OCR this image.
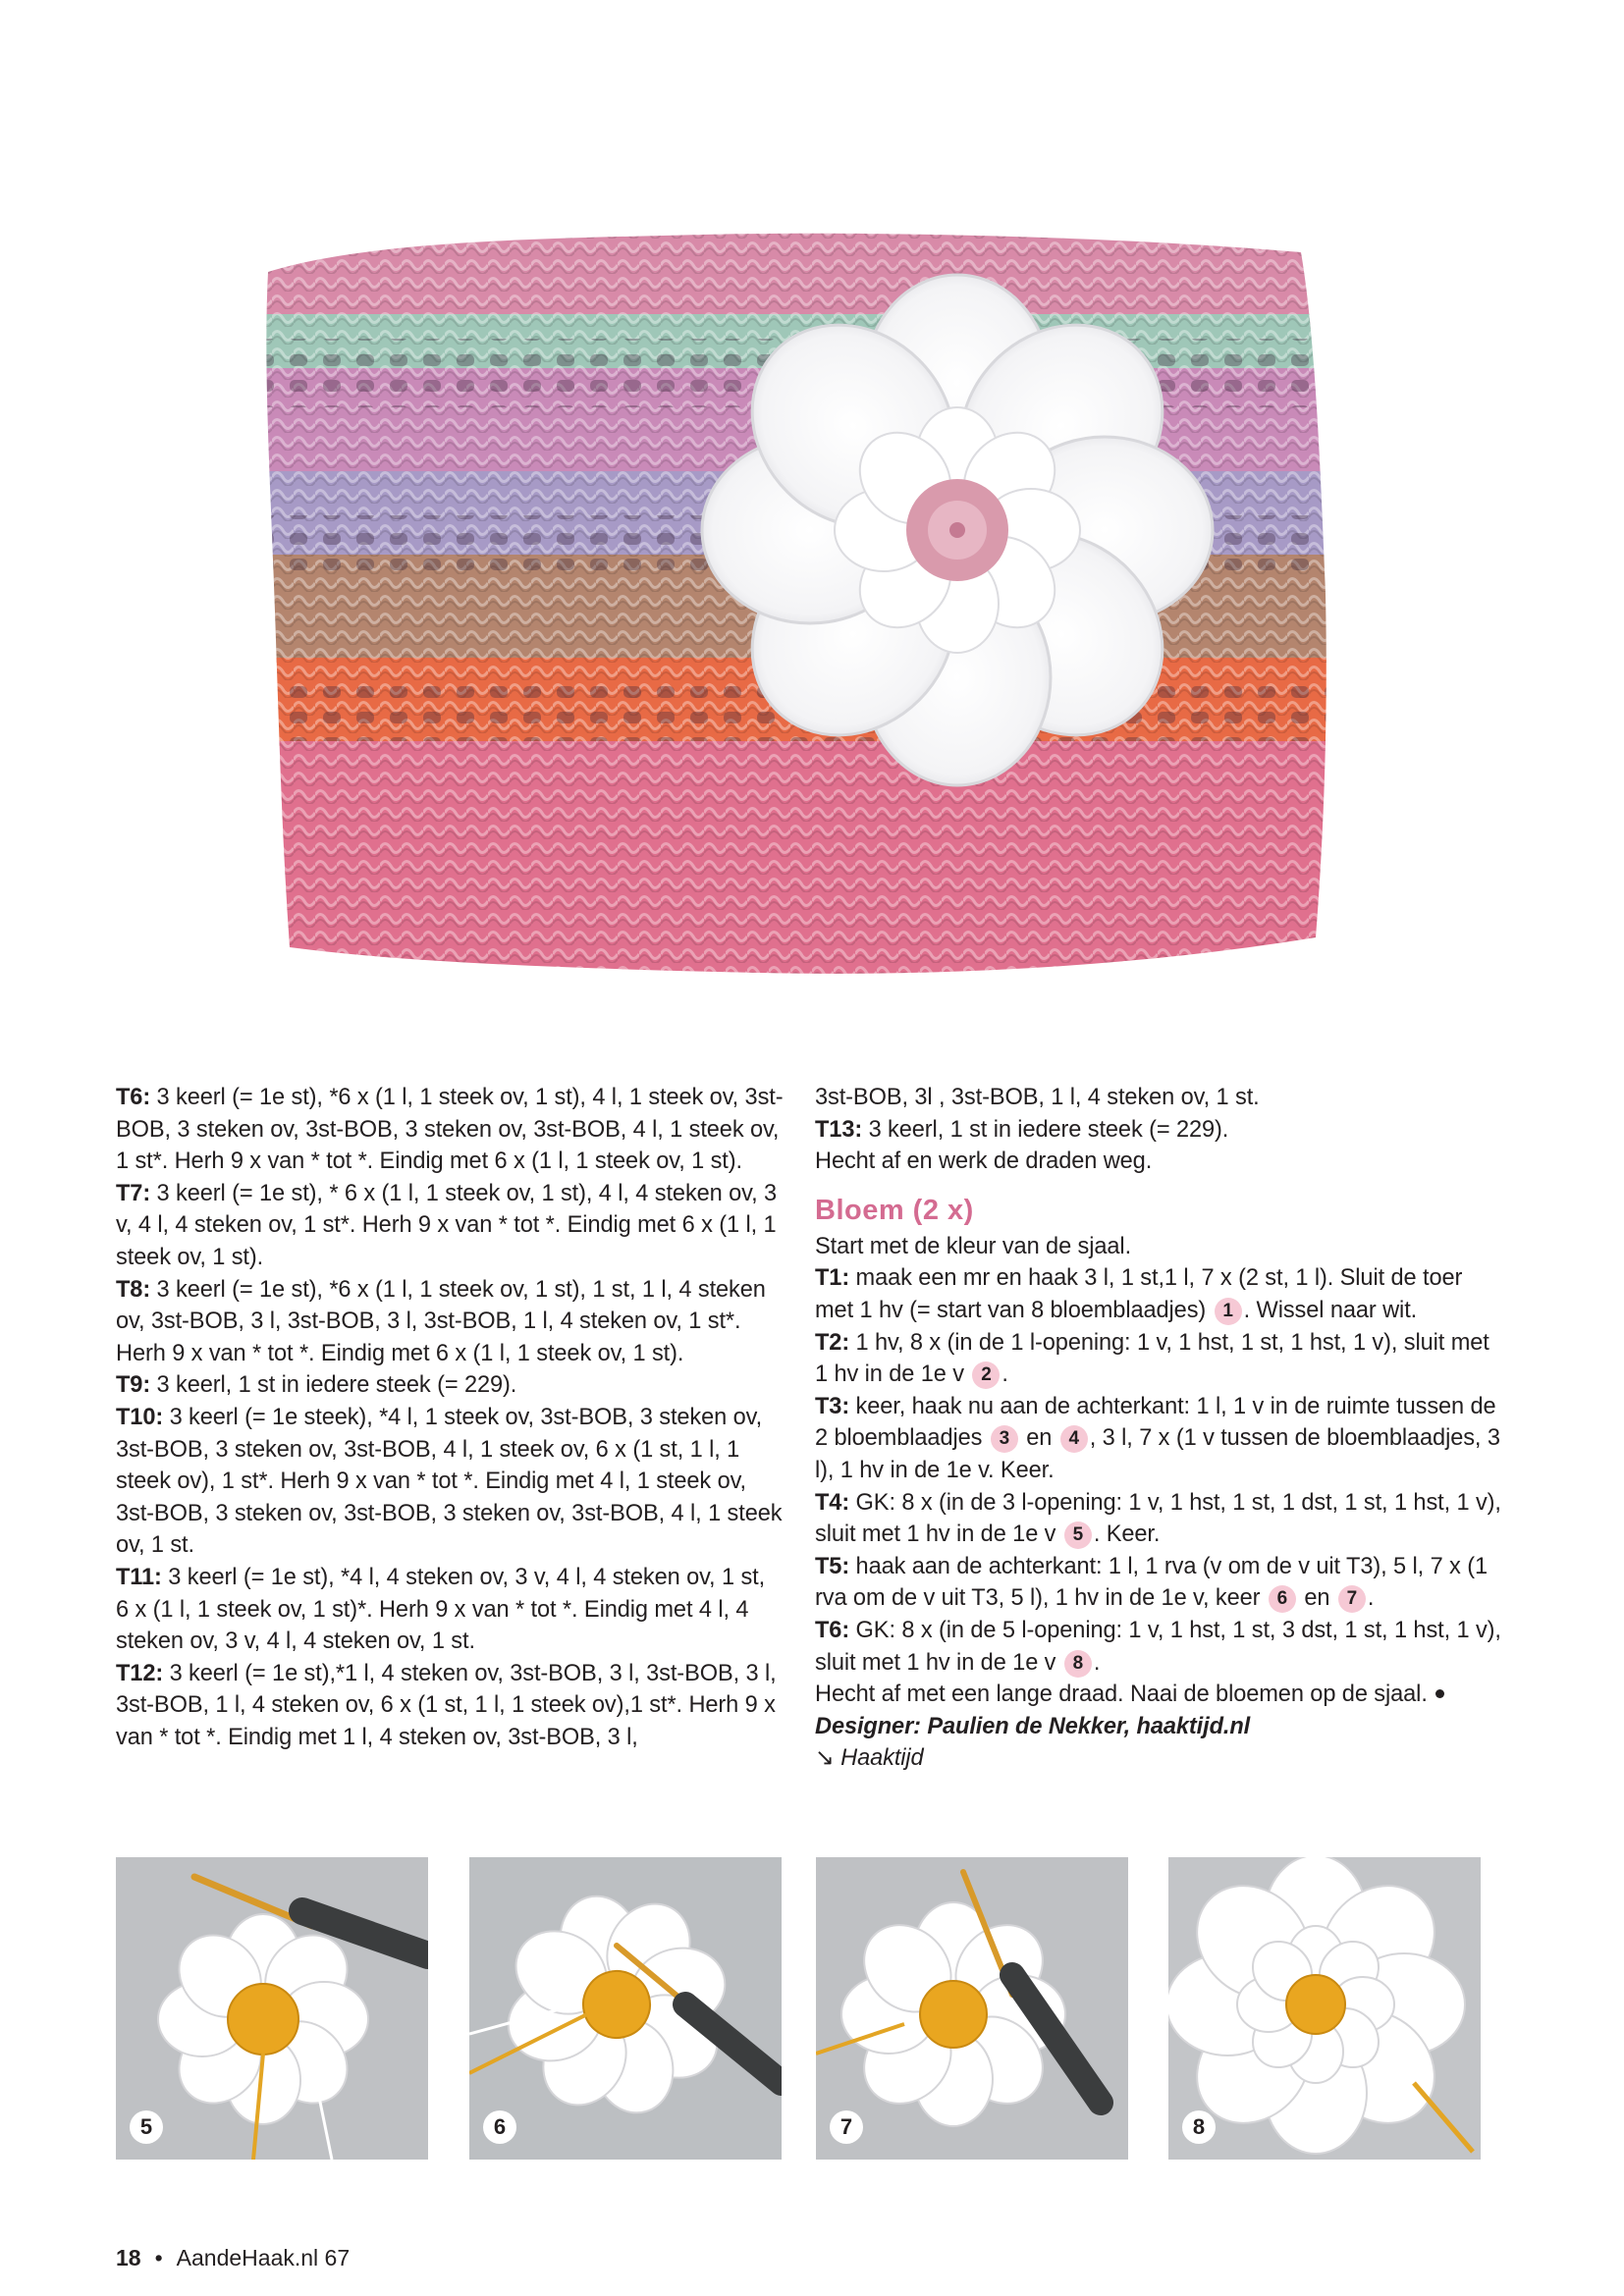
T6: 3 keerl (= 1e st), *6 x (1 l, 1 steek ov, 1 st), 4 l, 1 steek ov, 3st-BOB, 3 steken ov, 3st-BOB, 3 steken ov, 3st-BOB, 4 l, 1 steek ov, 1 st*. Herh 9 x van * tot *. Eindig met 6 x (1 l, 1 steek ov, 1 st).

T7: 3 keerl (= 1e st), * 6 x (1 l, 1 steek ov, 1 st), 4 l, 4 steken ov, 3 v, 4 l, 4 steken ov, 1 st*. Herh 9 x van * tot *. Eindig met 6 x (1 l, 1 steek ov, 1 st).

T8: 3 keerl (= 1e st), *6 x (1 l, 1 steek ov, 1 st), 1 st, 1 l, 4 steken ov, 3st-BOB, 3 l, 3st-BOB, 3 l, 3st-BOB, 1 l, 4 steken ov, 1 st*. Herh 9 x van * tot *. Eindig met 6 x (1 l, 1 steek ov, 1 st).

T9: 3 keerl, 1 st in iedere steek (= 229).

T10: 3 keerl (= 1e steek), *4 l, 1 steek ov, 3st-BOB, 3 steken ov, 3st-BOB, 3 steken ov, 3st-BOB, 4 l, 1 steek ov, 6 x (1 st, 1 l, 1 steek ov), 1 st*. Herh 9 x van * tot *. Eindig met 4 l, 1 steek ov, 3st-BOB, 3 steken ov, 3st-BOB, 3 steken ov, 3st-BOB, 4 l, 1 steek ov, 1 st.

T11: 3 keerl (= 1e st), *4 l, 4 steken ov, 3 v, 4 l, 4 steken ov, 1 st, 6 x (1 l, 1 steek ov, 1 st)*. Herh 9 x van * tot *. Eindig met 4 l, 4 steken ov, 3 v, 4 l, 4 steken ov, 1 st.

T12: 3 keerl (= 1e st),*1 l, 4 steken ov, 3st-BOB, 3 l, 3st-BOB, 3 l, 3st-BOB, 1 l, 4 steken ov, 6 x (1 st, 1 l, 1 steek ov),1 st*. Herh 9 x van * tot *. Eindig met 1 l, 4 steken ov, 3st-BOB, 3 l,

3st-BOB, 3l , 3st-BOB, 1 l, 4 steken ov, 1 st.

T13: 3 keerl, 1 st in iedere steek (= 229).

Hecht af en werk de draden weg.

Bloem (2 x)

Start met de kleur van de sjaal.

T1: maak een mr en haak 3 l, 1 st,1 l, 7 x (2 st, 1 l). Sluit de toer met 1 hv (= start van 8 bloemblaadjes) 1 . Wissel naar wit.

T2: 1 hv, 8 x (in de 1 l-opening: 1 v, 1 hst, 1 st, 1 hst, 1 v), sluit met 1 hv in de 1e v 2 .

T3: keer, haak nu aan de achterkant: 1 l, 1 v in de ruimte tussen de 2 bloemblaadjes 3 en 4 , 3 l, 7 x (1 v tussen de bloemblaadjes, 3 l), 1 hv in de 1e v. Keer.

T4: GK: 8 x (in de 3 l-opening: 1 v, 1 hst, 1 st, 1 dst, 1 st, 1 hst, 1 v), sluit met 1 hv in de 1e v 5 . Keer.

T5: haak aan de achterkant: 1 l, 1 rva (v om de v uit T3), 5 l, 7 x (1 rva om de v uit T3, 5 l), 1 hv in de 1e v, keer 6 en 7 .

T6: GK: 8 x (in de 5 l-opening: 1 v, 1 hst, 1 st, 3 dst, 1 st, 1 hst, 1 v), sluit met 1 hv in de 1e v 8 .

Hecht af met een lange draad. Naai de bloemen op de sjaal.

Designer: Paulien de Nekker, haaktijd.nl

↘ Haaktijd

5	6	7	8
18 • AandeHaak.nl 67
